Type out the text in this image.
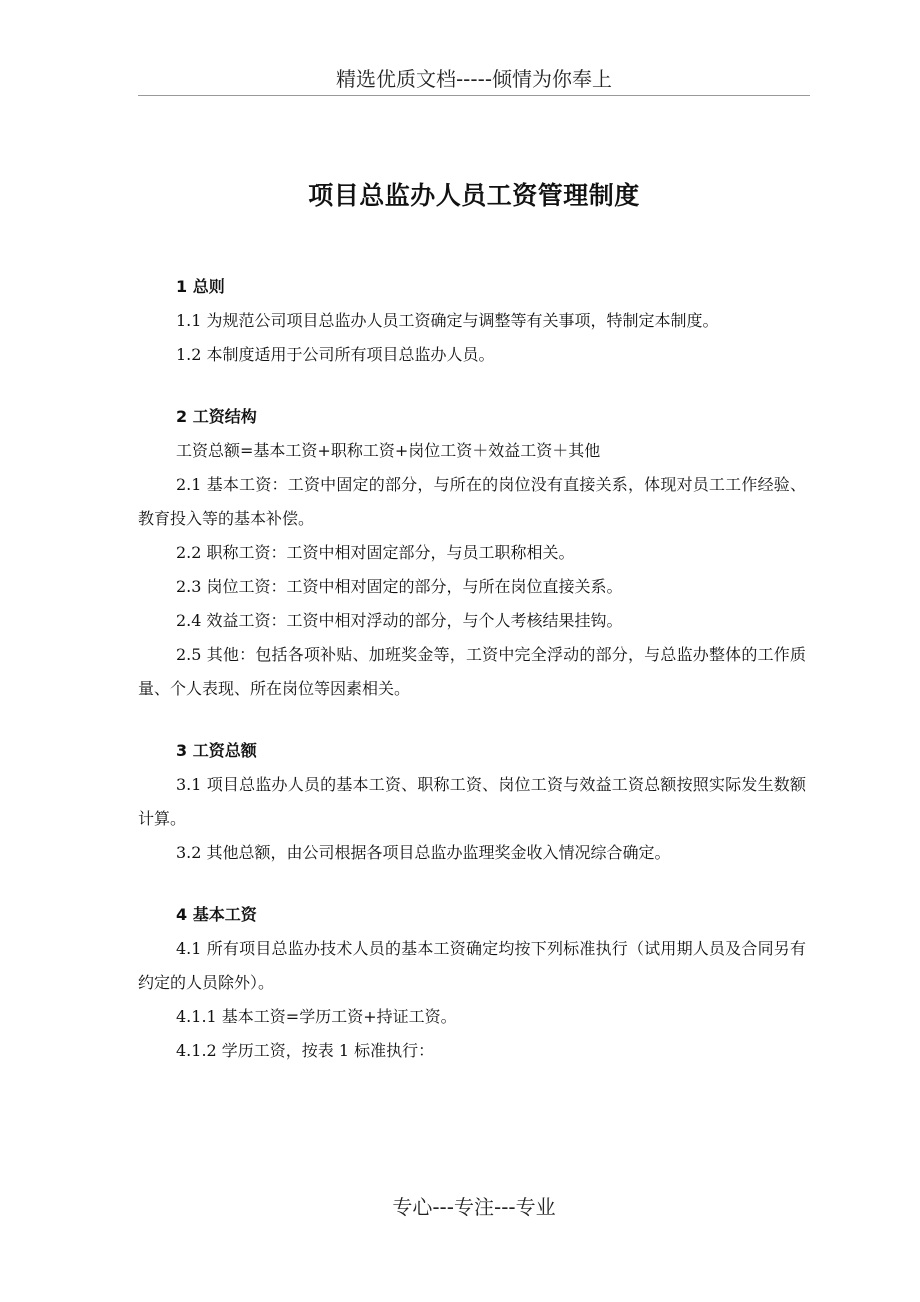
精选优质文档-----倾情为你奉上
项目总监办人员工资管理制度
1 总则
1.1 为规范公司项目总监办人员工资确定与调整等有关事项，特制定本制度。
1.2 本制度适用于公司所有项目总监办人员。
2 工资结构
工资总额=基本工资+职称工资+岗位工资＋效益工资＋其他
2.1 基本工资：工资中固定的部分，与所在的岗位没有直接关系，体现对员工工作经验、教育投入等的基本补偿。
2.2 职称工资：工资中相对固定部分，与员工职称相关。
2.3 岗位工资：工资中相对固定的部分，与所在岗位直接关系。
2.4 效益工资：工资中相对浮动的部分，与个人考核结果挂钩。
2.5 其他：包括各项补贴、加班奖金等，工资中完全浮动的部分，与总监办整体的工作质量、个人表现、所在岗位等因素相关。
3 工资总额
3.1 项目总监办人员的基本工资、职称工资、岗位工资与效益工资总额按照实际发生数额计算。
3.2 其他总额，由公司根据各项目总监办监理奖金收入情况综合确定。
4 基本工资
4.1 所有项目总监办技术人员的基本工资确定均按下列标准执行（试用期人员及合同另有约定的人员除外）。
4.1.1 基本工资=学历工资+持证工资。
4.1.2 学历工资，按表 1 标准执行：
专心---专注---专业
